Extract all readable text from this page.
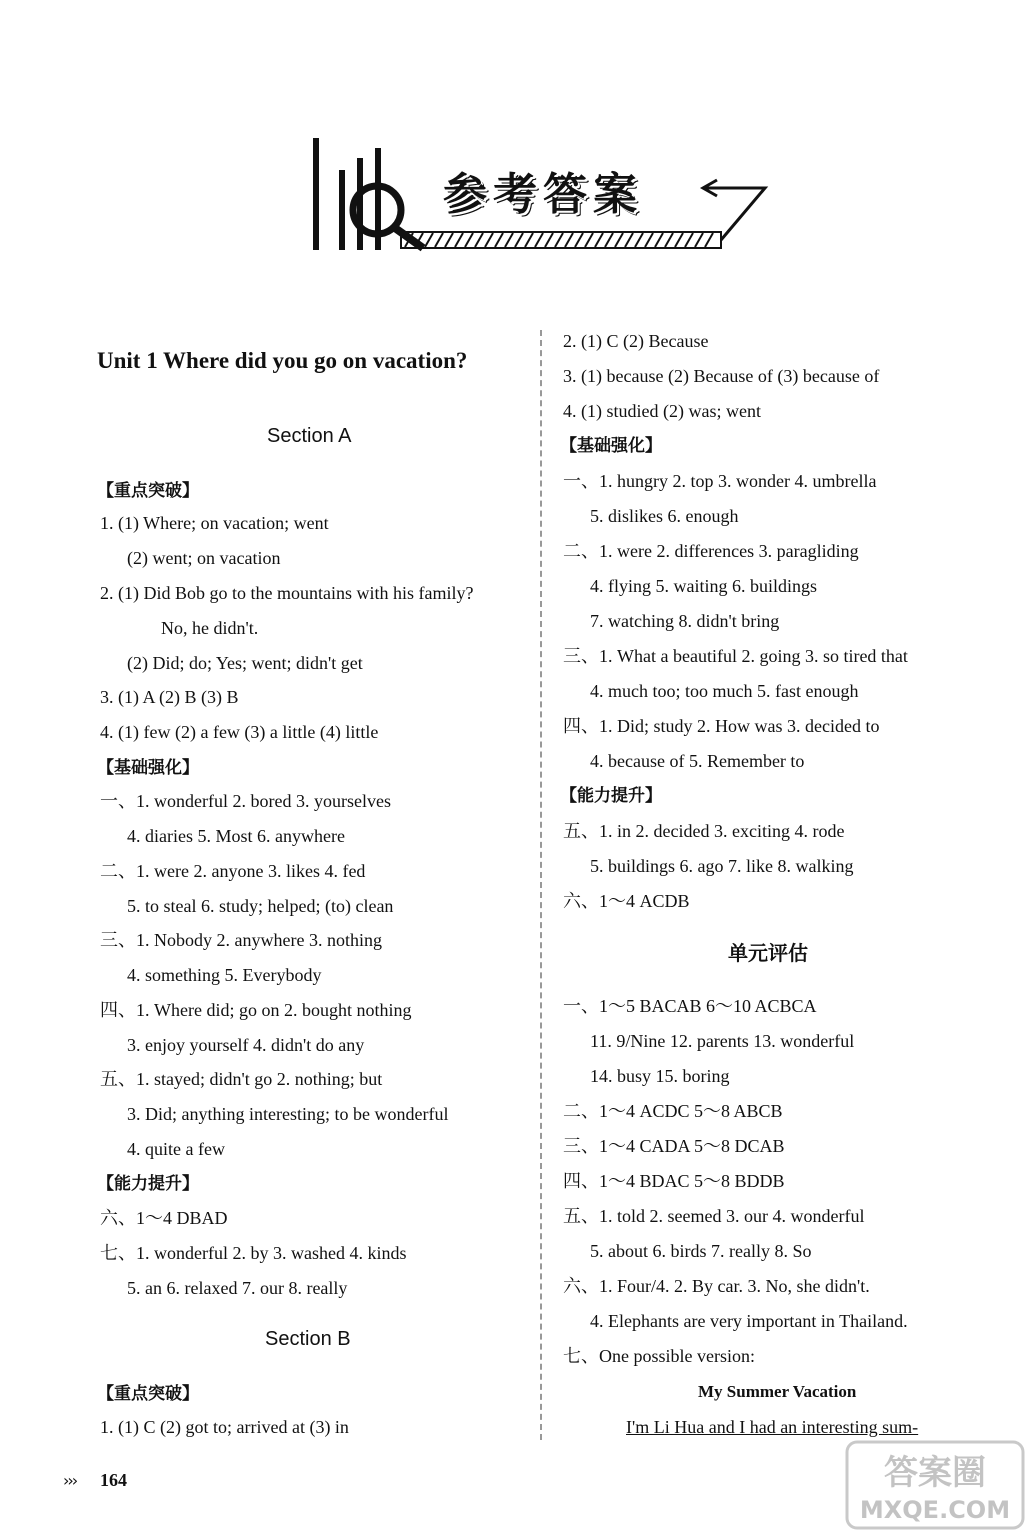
参考答案
Unit 1 Where did you go on vacation?
Section A
【重点突破】
1. (1) Where; on vacation; went
(2) went; on vacation
2. (1) Did Bob go to the mountains with his family?
No, he didn't.
(2) Did; do; Yes; went; didn't get
3. (1) A (2) B (3) B
4. (1) few (2) a few (3) a little (4) little
【基础强化】
一、1. wonderful 2. bored 3. yourselves
4. diaries 5. Most 6. anywhere
二、1. were 2. anyone 3. likes 4. fed
5. to steal 6. study; helped; (to) clean
三、1. Nobody 2. anywhere 3. nothing
4. something 5. Everybody
四、1. Where did; go on 2. bought nothing
3. enjoy yourself 4. didn't do any
五、1. stayed; didn't go 2. nothing; but
3. Did; anything interesting; to be wonderful
4. quite a few
【能力提升】
六、1～4 DBAD
七、1. wonderful 2. by 3. washed 4. kinds
5. an 6. relaxed 7. our 8. really
Section B
【重点突破】
1. (1) C (2) got to; arrived at (3) in
2. (1) C (2) Because
3. (1) because (2) Because of (3) because of
4. (1) studied (2) was; went
【基础强化】
一、1. hungry 2. top 3. wonder 4. umbrella
5. dislikes 6. enough
二、1. were 2. differences 3. paragliding
4. flying 5. waiting 6. buildings
7. watching 8. didn't bring
三、1. What a beautiful 2. going 3. so tired that
4. much too; too much 5. fast enough
四、1. Did; study 2. How was 3. decided to
4. because of 5. Remember to
【能力提升】
五、1. in 2. decided 3. exciting 4. rode
5. buildings 6. ago 7. like 8. walking
六、1～4 ACDB
单元评估
一、1～5 BACAB 6～10 ACBCA
11. 9/Nine 12. parents 13. wonderful
14. busy 15. boring
二、1～4 ACDC 5～8 ABCB
三、1～4 CADA 5～8 DCAB
四、1～4 BDAC 5～8 BDDB
五、1. told 2. seemed 3. our 4. wonderful
5. about 6. birds 7. really 8. So
六、1. Four/4. 2. By car. 3. No, she didn't.
4. Elephants are very important in Thailand.
七、One possible version:
My Summer Vacation
I'm Li Hua and I had an interesting sum-
››› 164	答案圈
MXQE.COM
